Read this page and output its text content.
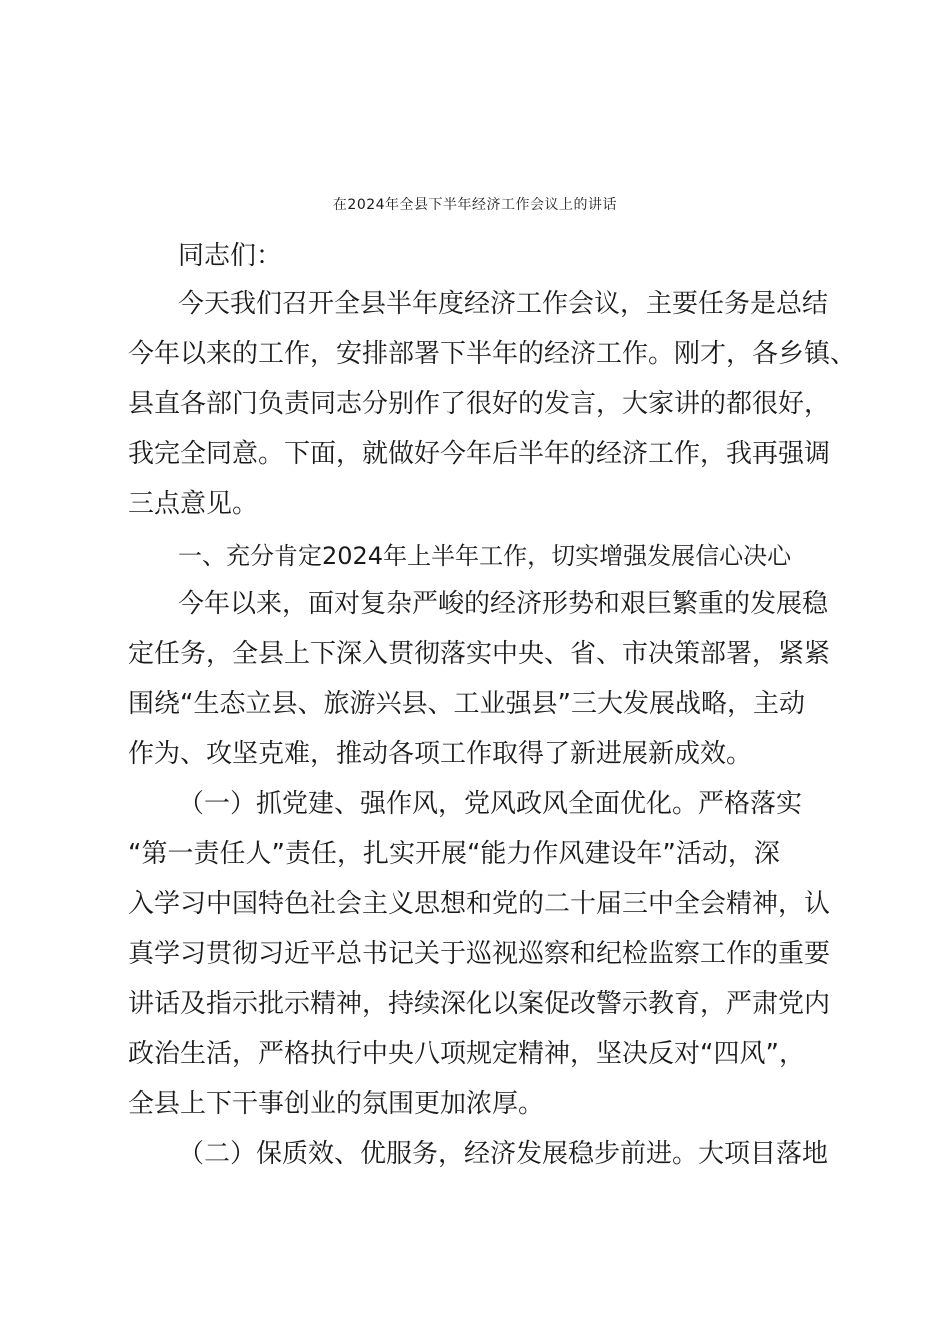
在2024年全县下半年经济工作会议上的讲话
同志们：
今天我们召开全县半年度经济工作会议，主要任务是总结
今年以来的工作，安排部署下半年的经济工作。刚才，各乡镇、
县直各部门负责同志分别作了很好的发言，大家讲的都很好，
我完全同意。下面，就做好今年后半年的经济工作，我再强调
三点意见。
一、充分肯定2024年上半年工作，切实增强发展信心决心
今年以来，面对复杂严峻的经济形势和艰巨繁重的发展稳
定任务，全县上下深入贯彻落实中央、省、市决策部署，紧紧
围绕“生态立县、旅游兴县、工业强县”三大发展战略，主动
作为、攻坚克难，推动各项工作取得了新进展新成效。
（一）抓党建、强作风，党风政风全面优化。严格落实
“第一责任人”责任，扎实开展“能力作风建设年”活动，深
入学习中国特色社会主义思想和党的二十届三中全会精神，认
真学习贯彻习近平总书记关于巡视巡察和纪检监察工作的重要
讲话及指示批示精神，持续深化以案促改警示教育，严肃党内
政治生活，严格执行中央八项规定精神，坚决反对“四风”，
全县上下干事创业的氛围更加浓厚。
（二）保质效、优服务，经济发展稳步前进。大项目落地
